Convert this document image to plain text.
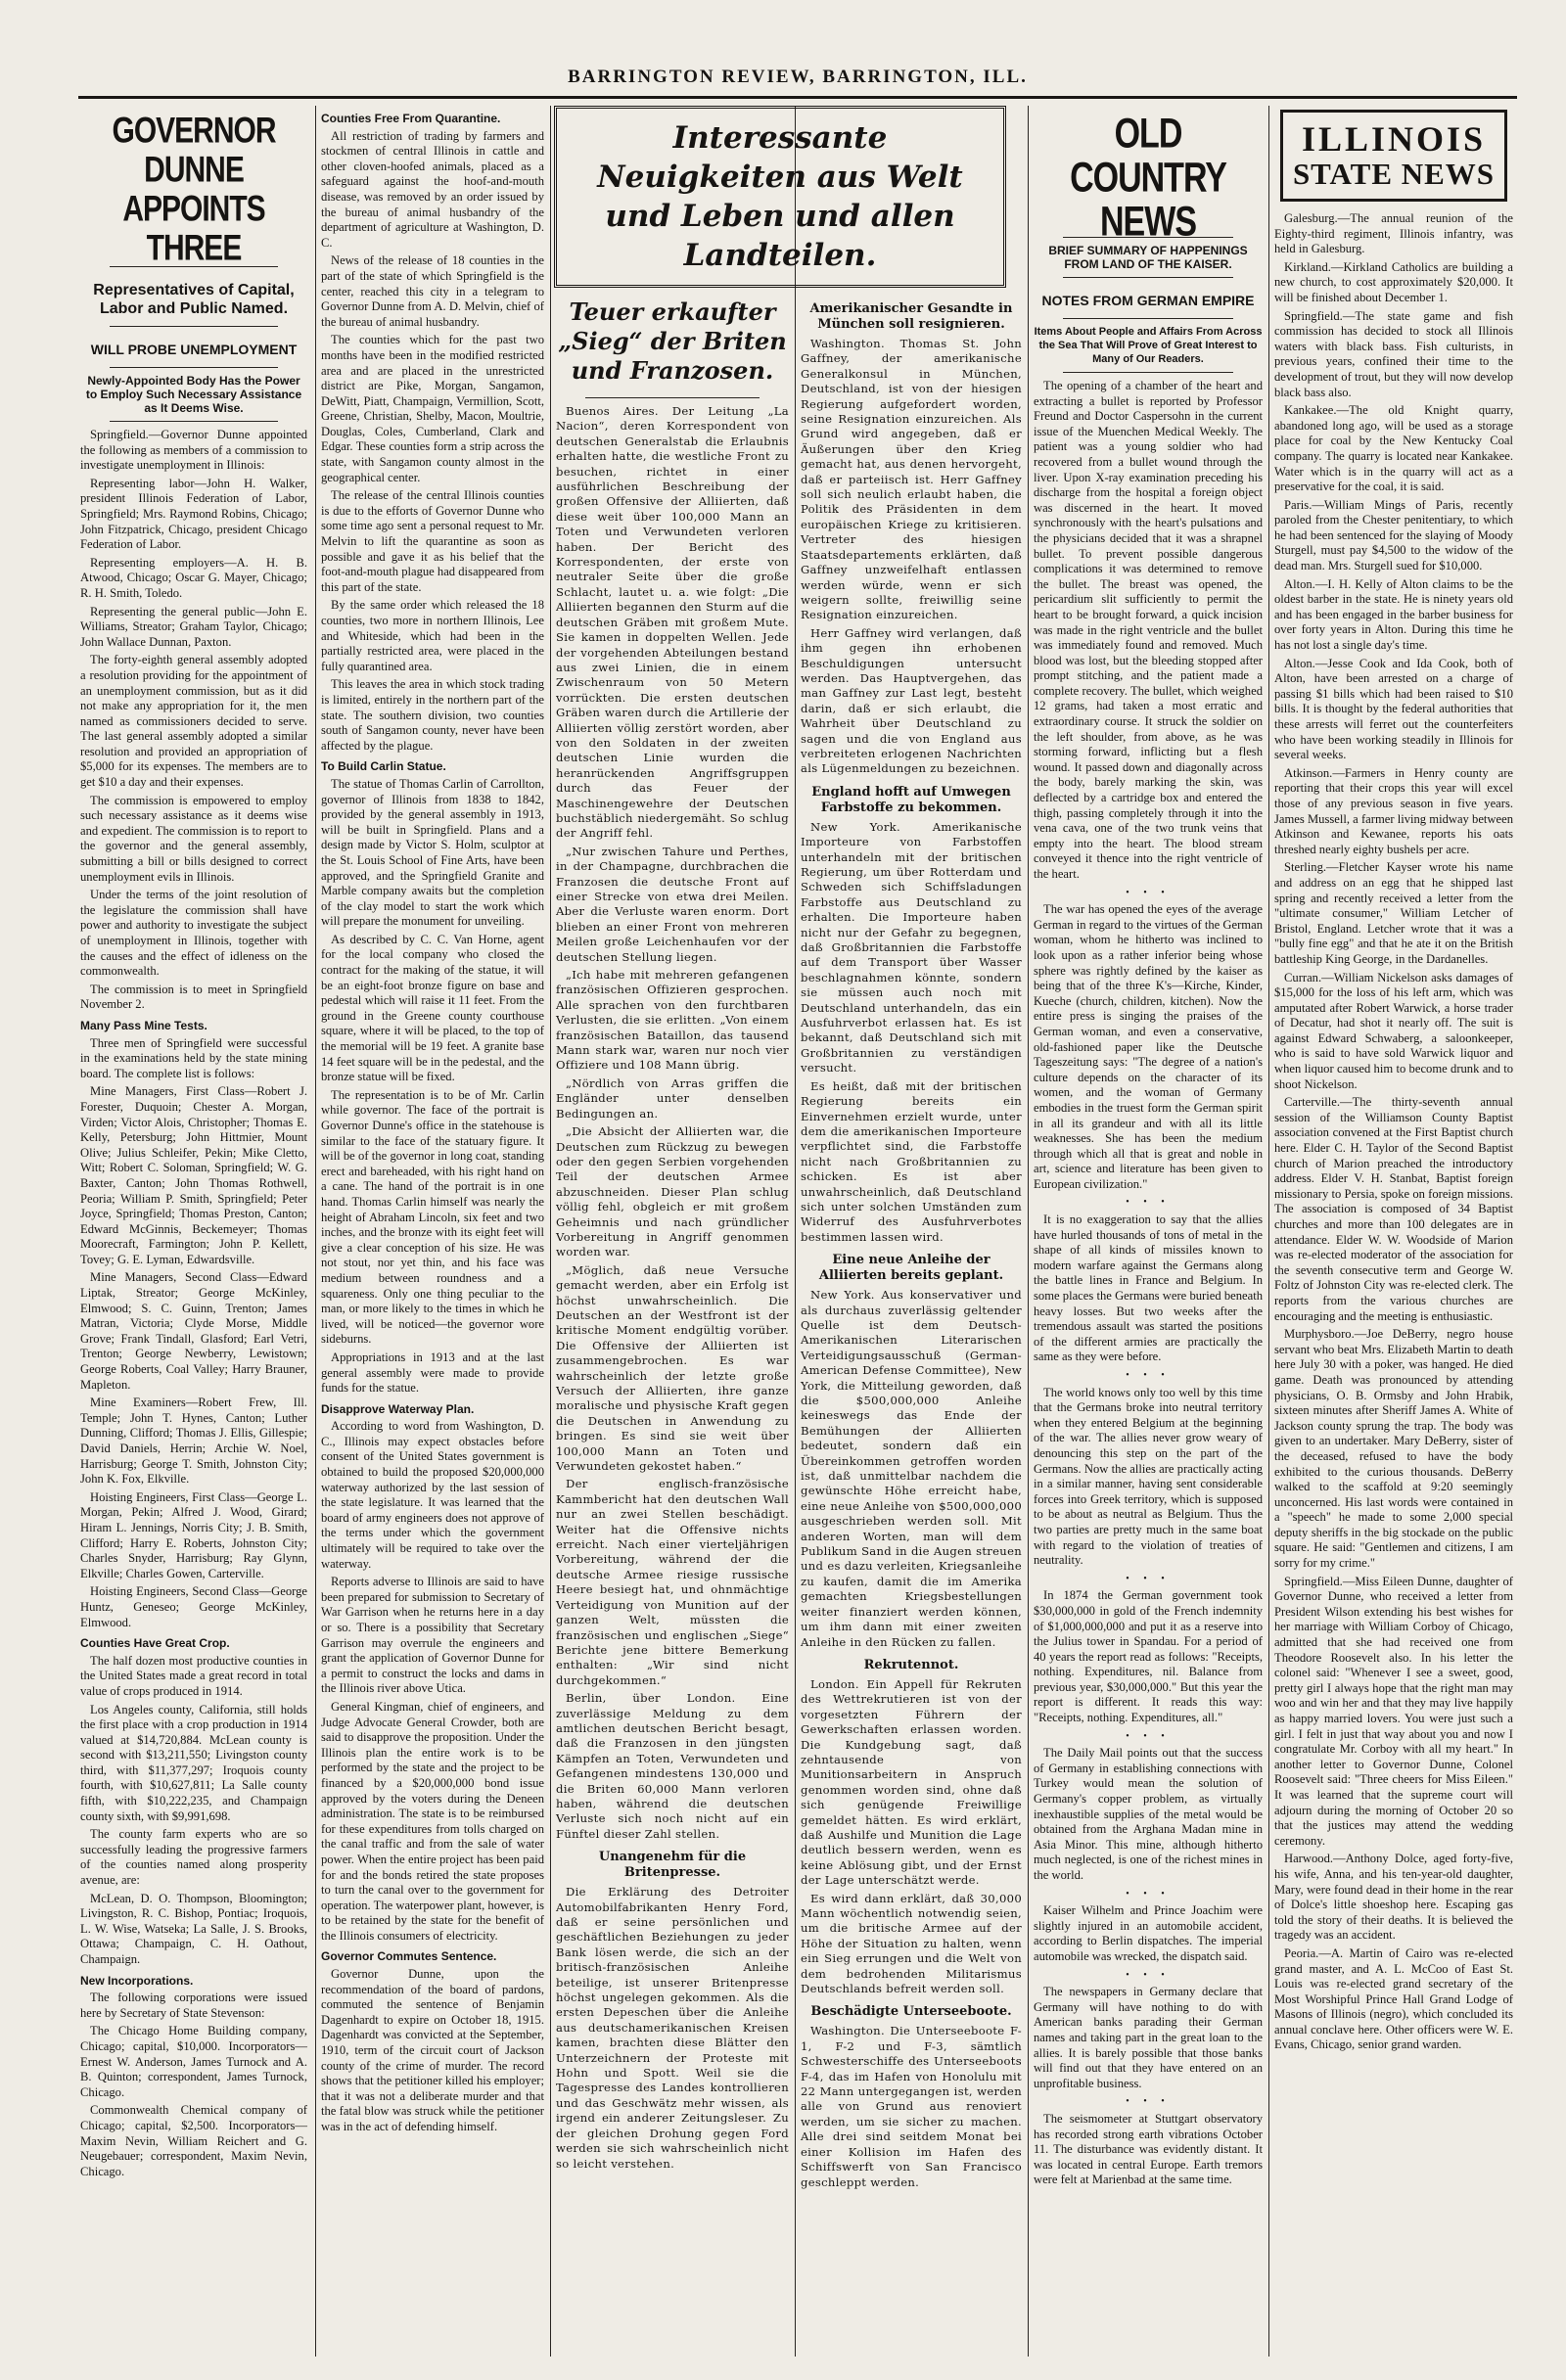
BARRINGTON REVIEW, BARRINGTON, ILL.
GOVERNOR DUNNE APPOINTS THREE
Representatives of Capital, Labor and Public Named.
WILL PROBE UNEMPLOYMENT
Newly-Appointed Body Has the Power to Employ Such Necessary Assistance as It Deems Wise.

Springfield.—Governor Dunne appointed the following as members of a commission to investigate unemployment in Illinois:

Representing labor—John H. Walker, president Illinois Federation of Labor, Springfield; Mrs. Raymond Robins, Chicago; John Fitzpatrick, Chicago, president Chicago Federation of Labor.

Representing employers—A. H. B. Atwood, Chicago; Oscar G. Mayer, Chicago; R. H. Smith, Toledo.

Representing the general public—John E. Williams, Streator; Graham Taylor, Chicago; John Wallace Dunnan, Paxton.

The forty-eighth general assembly adopted a resolution providing for the appointment of an unemployment commission, but as it did not make any appropriation for it, the men named as commissioners decided to serve. The last general assembly adopted a similar resolution and provided an appropriation of $5,000 for its expenses. The members are to get $10 a day and their expenses.

The commission is empowered to employ such necessary assistance as it deems wise and expedient. The commission is to report to the governor and the general assembly, submitting a bill or bills designed to correct unemployment evils in Illinois.

Under the terms of the joint resolution of the legislature the commission shall have power and authority to investigate the subject of unemployment in Illinois, together with the causes and the effect of idleness on the commonwealth.

The commission is to meet in Springfield November 2.

Many Pass Mine Tests.

Three men of Springfield were successful in the examinations held by the state mining board. The complete list is follows:

Mine Managers, First Class—Robert J. Forester, Duquoin; Chester A. Morgan, Virden; Victor Alois, Christopher; Thomas E. Kelly, Petersburg; John Hittmier, Mount Olive; Julius Schleifer, Pekin; Mike Cletto, Witt; Robert C. Soloman, Springfield; W. G. Baxter, Canton; John Thomas Rothwell, Peoria; William P. Smith, Springfield; Peter Joyce, Springfield; Thomas Preston, Canton; Edward McGinnis, Beckemeyer; Thomas Moorecraft, Farmington; John P. Kellett, Tovey; G. E. Lyman, Edwardsville.

Mine Managers, Second Class—Edward Liptak, Streator; George McKinley, Elmwood; S. C. Guinn, Trenton; James Matran, Victoria; Clyde Morse, Middle Grove; Frank Tindall, Glasford; Earl Vetri, Trenton; George Newberry, Lewistown; George Roberts, Coal Valley; Harry Brauner, Mapleton.

Mine Examiners—Robert Frew, Ill. Temple; John T. Hynes, Canton; Luther Dunning, Clifford; Thomas J. Ellis, Gillespie; David Daniels, Herrin; Archie W. Noel, Harrisburg; George T. Smith, Johnston City; John K. Fox, Elkville.

Hoisting Engineers, First Class—George L. Morgan, Pekin; Alfred J. Wood, Girard; Hiram L. Jennings, Norris City; J. B. Smith, Clifford; Harry E. Roberts, Johnston City; Charles Snyder, Harrisburg; Ray Glynn, Elkville; Charles Gowen, Carterville.

Hoisting Engineers, Second Class—George Huntz, Geneseo; George McKinley, Elmwood.

Counties Have Great Crop.

The half dozen most productive counties in the United States made a great record in total value of crops produced in 1914.

Los Angeles county, California, still holds the first place with a crop production in 1914 valued at $14,720,884. McLean county is second with $13,211,550; Livingston county third, with $11,377,297; Iroquois county fourth, with $10,627,811; La Salle county fifth, with $10,222,235, and Champaign county sixth, with $9,991,698.

The county farm experts who are so successfully leading the progressive farmers of the counties named along prosperity avenue, are:

McLean, D. O. Thompson, Bloomington; Livingston, R. C. Bishop, Pontiac; Iroquois, L. W. Wise, Watseka; La Salle, J. S. Brooks, Ottawa; Champaign, C. H. Oathout, Champaign.

New Incorporations.

The following corporations were issued here by Secretary of State Stevenson:

The Chicago Home Building company, Chicago; capital, $10,000. Incorporators—Ernest W. Anderson, James Turnock and A. B. Quinton; correspondent, James Turnock, Chicago.

Commonwealth Chemical company of Chicago; capital, $2,500. Incorporators—Maxim Nevin, William Reichert and G. Neugebauer; correspondent, Maxim Nevin, Chicago.

Counties Free From Quarantine.

All restriction of trading by farmers and stockmen of central Illinois in cattle and other cloven-hoofed animals, placed as a safeguard against the hoof-and-mouth disease, was removed by an order issued by the bureau of animal husbandry of the department of agriculture at Washington, D. C.

News of the release of 18 counties in the part of the state of which Springfield is the center, reached this city in a telegram to Governor Dunne from A. D. Melvin, chief of the bureau of animal husbandry.

The counties which for the past two months have been in the modified restricted area and are placed in the unrestricted district are Pike, Morgan, Sangamon, DeWitt, Piatt, Champaign, Vermillion, Scott, Greene, Christian, Shelby, Macon, Moultrie, Douglas, Coles, Cumberland, Clark and Edgar. These counties form a strip across the state, with Sangamon county almost in the geographical center.

The release of the central Illinois counties is due to the efforts of Governor Dunne who some time ago sent a personal request to Mr. Melvin to lift the quarantine as soon as possible and gave it as his belief that the foot-and-mouth plague had disappeared from this part of the state.

By the same order which released the 18 counties, two more in northern Illinois, Lee and Whiteside, which had been in the partially restricted area, were placed in the fully quarantined area.

This leaves the area in which stock trading is limited, entirely in the northern part of the state. The southern division, two counties south of Sangamon county, never have been affected by the plague.

To Build Carlin Statue.

The statue of Thomas Carlin of Carrollton, governor of Illinois from 1838 to 1842, provided by the general assembly in 1913, will be built in Springfield. Plans and a design made by Victor S. Holm, sculptor at the St. Louis School of Fine Arts, have been approved, and the Springfield Granite and Marble company awaits but the completion of the clay model to start the work which will prepare the monument for unveiling.

As described by C. C. Van Horne, agent for the local company who closed the contract for the making of the statue, it will be an eight-foot bronze figure on base and pedestal which will raise it 11 feet. From the ground in the Greene county courthouse square, where it will be placed, to the top of the memorial will be 19 feet. A granite base 14 feet square will be in the pedestal, and the bronze statue will be fixed.

The representation is to be of Mr. Carlin while governor. The face of the portrait is Governor Dunne's office in the statehouse is similar to the face of the statuary figure. It will be of the governor in long coat, standing erect and bareheaded, with his right hand on a cane. The hand of the portrait is in one hand. Thomas Carlin himself was nearly the height of Abraham Lincoln, six feet and two inches, and the bronze with its eight feet will give a clear conception of his size. He was not stout, nor yet thin, and his face was medium between roundness and a squareness. Only one thing peculiar to the man, or more likely to the times in which he lived, will be noticed—the governor wore sideburns.

Appropriations in 1913 and at the last general assembly were made to provide funds for the statue.

Disapprove Waterway Plan.

According to word from Washington, D. C., Illinois may expect obstacles before consent of the United States government is obtained to build the proposed $20,000,000 waterway authorized by the last session of the state legislature. It was learned that the board of army engineers does not approve of the terms under which the government ultimately will be required to take over the waterway.

Reports adverse to Illinois are said to have been prepared for submission to Secretary of War Garrison when he returns here in a day or so. There is a possibility that Secretary Garrison may overrule the engineers and grant the application of Governor Dunne for a permit to construct the locks and dams in the Illinois river above Utica.

General Kingman, chief of engineers, and Judge Advocate General Crowder, both are said to disapprove the proposition. Under the Illinois plan the entire work is to be performed by the state and the project to be financed by a $20,000,000 bond issue approved by the voters during the Deneen administration. The state is to be reimbursed for these expenditures from tolls charged on the canal traffic and from the sale of water power. When the entire project has been paid for and the bonds retired the state proposes to turn the canal over to the government for operation. The waterpower plant, however, is to be retained by the state for the benefit of the Illinois consumers of electricity.

Governor Commutes Sentence.

Governor Dunne, upon the recommendation of the board of pardons, commuted the sentence of Benjamin Dagenhardt to expire on October 18, 1915. Dagenhardt was convicted at the September, 1910, term of the circuit court of Jackson county of the crime of murder. The record shows that the petitioner killed his employer; that it was not a deliberate murder and that the fatal blow was struck while the petitioner was in the act of defending himself.

Interessante Neuigkeiten aus Welt und Leben und allen Landteilen.
Teuer erkaufter „Sieg“ der Briten und Franzosen.

Buenos Aires. Der Leitung „La Nacion“, deren Korrespondent von deutschen Generalstab die Erlaubnis erhalten hatte, die westliche Front zu besuchen, richtet in einer ausführlichen Beschreibung der großen Offensive der Alliierten, daß diese weit über 100,000 Mann an Toten und Verwundeten verloren haben. Der Bericht des Korrespondenten, der erste von neutraler Seite über die große Schlacht, lautet u. a. wie folgt: „Die Alliierten begannen den Sturm auf die deutschen Gräben mit großem Mute. Sie kamen in doppelten Wellen. Jede der vorgehenden Abteilungen bestand aus zwei Linien, die in einem Zwischenraum von 50 Metern vorrückten. Die ersten deutschen Gräben waren durch die Artillerie der Alliierten völlig zerstört worden, aber von den Soldaten in der zweiten deutschen Linie wurden die heranrückenden Angriffsgruppen durch das Feuer der Maschinengewehre der Deutschen buchstäblich niedergemäht. So schlug der Angriff fehl.

„Nur zwischen Tahure und Perthes, in der Champagne, durchbrachen die Franzosen die deutsche Front auf einer Strecke von etwa drei Meilen. Aber die Verluste waren enorm. Dort blieben an einer Front von mehreren Meilen große Leichenhaufen vor der deutschen Stellung liegen.

„Ich habe mit mehreren gefangenen französischen Offizieren gesprochen. Alle sprachen von den furchtbaren Verlusten, die sie erlitten. „Von einem französischen Bataillon, das tausend Mann stark war, waren nur noch vier Offiziere und 108 Mann übrig.

„Nördlich von Arras griffen die Engländer unter denselben Bedingungen an.

„Die Absicht der Alliierten war, die Deutschen zum Rückzug zu bewegen oder den gegen Serbien vorgehenden Teil der deutschen Armee abzuschneiden. Dieser Plan schlug völlig fehl, obgleich er mit großem Geheimnis und nach gründlicher Vorbereitung in Angriff genommen worden war.

„Möglich, daß neue Versuche gemacht werden, aber ein Erfolg ist höchst unwahrscheinlich. Die Deutschen an der Westfront ist der kritische Moment endgültig vorüber. Die Offensive der Alliierten ist zusammengebrochen. Es war wahrscheinlich der letzte große Versuch der Alliierten, ihre ganze moralische und physische Kraft gegen die Deutschen in Anwendung zu bringen. Es sind sie weit über 100,000 Mann an Toten und Verwundeten gekostet haben.“

Der englisch-französische Kammbericht hat den deutschen Wall nur an zwei Stellen beschädigt. Weiter hat die Offensive nichts erreicht. Nach einer vierteljährigen Vorbereitung, während der die deutsche Armee riesige russische Heere besiegt hat, und ohnmächtige Verteidigung von Munition auf der ganzen Welt, müssten die französischen und englischen „Siege“ Berichte jene bittere Bemerkung enthalten: „Wir sind nicht durchgekommen.“

Berlin, über London. Eine zuverlässige Meldung zu dem amtlichen deutschen Bericht besagt, daß die Franzosen in den jüngsten Kämpfen an Toten, Verwundeten und Gefangenen mindestens 130,000 und die Briten 60,000 Mann verloren haben, während die deutschen Verluste sich noch nicht auf ein Fünftel dieser Zahl stellen.

Unangenehm für die Britenpresse.

Die Erklärung des Detroiter Automobilfabrikanten Henry Ford, daß er seine persönlichen und geschäftlichen Beziehungen zu jeder Bank lösen werde, die sich an der britisch-französischen Anleihe beteilige, ist unserer Britenpresse höchst ungelegen gekommen. Als die ersten Depeschen über die Anleihe aus deutschamerikanischen Kreisen kamen, brachten diese Blätter den Unterzeichnern der Proteste mit Hohn und Spott. Weil sie die Tagespresse des Landes kontrollieren und das Geschwätz mehr wissen, als irgend ein anderer Zeitungsleser. Zu der gleichen Drohung gegen Ford werden sie sich wahrscheinlich nicht so leicht verstehen.

Amerikanischer Gesandte in München soll resignieren.

Washington. Thomas St. John Gaffney, der amerikanische Generalkonsul in München, Deutschland, ist von der hiesigen Regierung aufgefordert worden, seine Resignation einzureichen. Als Grund wird angegeben, daß er Äußerungen über den Krieg gemacht hat, aus denen hervorgeht, daß er parteiisch ist. Herr Gaffney soll sich neulich erlaubt haben, die Politik des Präsidenten in dem europäischen Kriege zu kritisieren. Vertreter des hiesigen Staatsdepartements erklärten, daß Gaffney unzweifelhaft entlassen werden würde, wenn er sich weigern sollte, freiwillig seine Resignation einzureichen.

Herr Gaffney wird verlangen, daß ihm gegen ihn erhobenen Beschuldigungen untersucht werden. Das Hauptvergehen, das man Gaffney zur Last legt, besteht darin, daß er sich erlaubt, die Wahrheit über Deutschland zu sagen und die von England aus verbreiteten erlogenen Nachrichten als Lügenmeldungen zu bezeichnen.

England hofft auf Umwegen Farbstoffe zu bekommen.

New York. Amerikanische Importeure von Farbstoffen unterhandeln mit der britischen Regierung, um über Rotterdam und Schweden sich Schiffsladungen Farbstoffe aus Deutschland zu erhalten. Die Importeure haben nicht nur der Gefahr zu begegnen, daß Großbritannien die Farbstoffe auf dem Transport über Wasser beschlagnahmen könnte, sondern sie müssen auch noch mit Deutschland unterhandeln, das ein Ausfuhrverbot erlassen hat. Es ist bekannt, daß Deutschland sich mit Großbritannien zu verständigen versucht.

Es heißt, daß mit der britischen Regierung bereits ein Einvernehmen erzielt wurde, unter dem die amerikanischen Importeure verpflichtet sind, die Farbstoffe nicht nach Großbritannien zu schicken. Es ist aber unwahrscheinlich, daß Deutschland sich unter solchen Umständen zum Widerruf des Ausfuhrverbotes bestimmen lassen wird.

Eine neue Anleihe der Alliierten bereits geplant.

New York. Aus konservativer und als durchaus zuverlässig geltender Quelle ist dem Deutsch-Amerikanischen Literarischen Verteidigungsausschuß (German-American Defense Committee), New York, die Mitteilung geworden, daß die $500,000,000 Anleihe keineswegs das Ende der Bemühungen der Alliierten bedeutet, sondern daß ein Übereinkommen getroffen worden ist, daß unmittelbar nachdem die gewünschte Höhe erreicht habe, eine neue Anleihe von $500,000,000 ausgeschrieben werden soll. Mit anderen Worten, man will dem Publikum Sand in die Augen streuen und es dazu verleiten, Kriegsanleihe zu kaufen, damit die im Amerika gemachten Kriegsbestellungen weiter finanziert werden können, um ihm dann mit einer zweiten Anleihe in den Rücken zu fallen.

Rekrutennot.

London. Ein Appell für Rekruten des Wettrekrutieren ist von der vorgesetzten Führern der Gewerkschaften erlassen worden. Die Kundgebung sagt, daß zehntausende von Munitionsarbeitern in Anspruch genommen worden sind, ohne daß sich genügende Freiwillige gemeldet hätten. Es wird erklärt, daß Aushilfe und Munition die Lage deutlich bessern werden, wenn es keine Ablösung gibt, und der Ernst der Lage unterschätzt werde.

Es wird dann erklärt, daß 30,000 Mann wöchentlich notwendig seien, um die britische Armee auf der Höhe der Situation zu halten, wenn ein Sieg errungen und die Welt von dem bedrohenden Militarismus Deutschlands befreit werden soll.

Beschädigte Unterseeboote.

Washington. Die Unterseeboote F-1, F-2 und F-3, sämtlich Schwesterschiffe des Unterseeboots F-4, das im Hafen von Honolulu mit 22 Mann untergegangen ist, werden alle von Grund aus renoviert werden, um sie sicher zu machen. Alle drei sind seitdem Monat bei einer Kollision im Hafen des Schiffswerft von San Francisco geschleppt werden.

OLD COUNTRY NEWS
BRIEF SUMMARY OF HAPPENINGS FROM LAND OF THE KAISER.
NOTES FROM GERMAN EMPIRE
Items About People and Affairs From Across the Sea That Will Prove of Great Interest to Many of Our Readers.

The opening of a chamber of the heart and extracting a bullet is reported by Professor Freund and Doctor Caspersohn in the current issue of the Muenchen Medical Weekly. The patient was a young soldier who had recovered from a bullet wound through the liver. Upon X-ray examination preceding his discharge from the hospital a foreign object was discerned in the heart. It moved synchronously with the heart's pulsations and the physicians decided that it was a shrapnel bullet. To prevent possible dangerous complications it was determined to remove the bullet. The breast was opened, the pericardium slit sufficiently to permit the heart to be brought forward, a quick incision was made in the right ventricle and the bullet was immediately found and removed. Much blood was lost, but the bleeding stopped after prompt stitching, and the patient made a complete recovery. The bullet, which weighed 12 grams, had taken a most erratic and extraordinary course. It struck the soldier on the left shoulder, from above, as he was storming forward, inflicting but a flesh wound. It passed down and diagonally across the body, barely marking the skin, was deflected by a cartridge box and entered the thigh, passing completely through it into the vena cava, one of the two trunk veins that empty into the heart. The blood stream conveyed it thence into the right ventricle of the heart.

• • •

The war has opened the eyes of the average German in regard to the virtues of the German woman, whom he hitherto was inclined to look upon as a rather inferior being whose sphere was rightly defined by the kaiser as being that of the three K's—Kirche, Kinder, Kueche (church, children, kitchen). Now the entire press is singing the praises of the German woman, and even a conservative, old-fashioned paper like the Deutsche Tageszeitung says: "The degree of a nation's culture depends on the character of its women, and the woman of Germany embodies in the truest form the German spirit in all its grandeur and with all its little weaknesses. She has been the medium through which all that is great and noble in art, science and literature has been given to European civilization."

• • •

It is no exaggeration to say that the allies have hurled thousands of tons of metal in the shape of all kinds of missiles known to modern warfare against the Germans along the battle lines in France and Belgium. In some places the Germans were buried beneath heavy losses. But two weeks after the tremendous assault was started the positions of the different armies are practically the same as they were before.

• • •

The world knows only too well by this time that the Germans broke into neutral territory when they entered Belgium at the beginning of the war. The allies never grow weary of denouncing this step on the part of the Germans. Now the allies are practically acting in a similar manner, having sent considerable forces into Greek territory, which is supposed to be about as neutral as Belgium. Thus the two parties are pretty much in the same boat with regard to the violation of treaties of neutrality.

• • •

In 1874 the German government took $30,000,000 in gold of the French indemnity of $1,000,000,000 and put it as a reserve into the Julius tower in Spandau. For a period of 40 years the report read as follows: "Receipts, nothing. Expenditures, nil. Balance from previous year, $30,000,000." But this year the report is different. It reads this way: "Receipts, nothing. Expenditures, all."

• • •

The Daily Mail points out that the success of Germany in establishing connections with Turkey would mean the solution of Germany's copper problem, as virtually inexhaustible supplies of the metal would be obtained from the Arghana Madan mine in Asia Minor. This mine, although hitherto much neglected, is one of the richest mines in the world.

• • •

Kaiser Wilhelm and Prince Joachim were slightly injured in an automobile accident, according to Berlin dispatches. The imperial automobile was wrecked, the dispatch said.

• • •

The newspapers in Germany declare that Germany will have nothing to do with American banks parading their German names and taking part in the great loan to the allies. It is barely possible that those banks will find out that they have entered on an unprofitable business.

• • •

The seismometer at Stuttgart observatory has recorded strong earth vibrations October 11. The disturbance was evidently distant. It was located in central Europe. Earth tremors were felt at Marienbad at the same time.

ILLINOIS
STATE NEWS

Galesburg.—The annual reunion of the Eighty-third regiment, Illinois infantry, was held in Galesburg.

Kirkland.—Kirkland Catholics are building a new church, to cost approximately $20,000. It will be finished about December 1.

Springfield.—The state game and fish commission has decided to stock all Illinois waters with black bass. Fish culturists, in previous years, confined their time to the development of trout, but they will now develop black bass also.

Kankakee.—The old Knight quarry, abandoned long ago, will be used as a storage place for coal by the New Kentucky Coal company. The quarry is located near Kankakee. Water which is in the quarry will act as a preservative for the coal, it is said.

Paris.—William Mings of Paris, recently paroled from the Chester penitentiary, to which he had been sentenced for the slaying of Moody Sturgell, must pay $4,500 to the widow of the dead man. Mrs. Sturgell sued for $10,000.

Alton.—I. H. Kelly of Alton claims to be the oldest barber in the state. He is ninety years old and has been engaged in the barber business for over forty years in Alton. During this time he has not lost a single day's time.

Alton.—Jesse Cook and Ida Cook, both of Alton, have been arrested on a charge of passing $1 bills which had been raised to $10 bills. It is thought by the federal authorities that these arrests will ferret out the counterfeiters who have been working steadily in Illinois for several weeks.

Atkinson.—Farmers in Henry county are reporting that their crops this year will excel those of any previous season in five years. James Mussell, a farmer living midway between Atkinson and Kewanee, reports his oats threshed nearly eighty bushels per acre.

Sterling.—Fletcher Kayser wrote his name and address on an egg that he shipped last spring and recently received a letter from the "ultimate consumer," William Letcher of Bristol, England. Letcher wrote that it was a "bully fine egg" and that he ate it on the British battleship King George, in the Dardanelles.

Curran.—William Nickelson asks damages of $15,000 for the loss of his left arm, which was amputated after Robert Warwick, a horse trader of Decatur, had shot it nearly off. The suit is against Edward Schwaberg, a saloonkeeper, who is said to have sold Warwick liquor and when liquor caused him to become drunk and to shoot Nickelson.

Carterville.—The thirty-seventh annual session of the Williamson County Baptist association convened at the First Baptist church here. Elder C. H. Taylor of the Second Baptist church of Marion preached the introductory address. Elder V. H. Stanbat, Baptist foreign missionary to Persia, spoke on foreign missions. The association is composed of 34 Baptist churches and more than 100 delegates are in attendance. Elder W. W. Woodside of Marion was re-elected moderator of the association for the seventh consecutive term and George W. Foltz of Johnston City was re-elected clerk. The reports from the various churches are encouraging and the meeting is enthusiastic.

Murphysboro.—Joe DeBerry, negro house servant who beat Mrs. Elizabeth Martin to death here July 30 with a poker, was hanged. He died game. Death was pronounced by attending physicians, O. B. Ormsby and John Hrabik, sixteen minutes after Sheriff James A. White of Jackson county sprung the trap. The body was given to an undertaker. Mary DeBerry, sister of the deceased, refused to have the body exhibited to the curious thousands. DeBerry walked to the scaffold at 9:20 seemingly unconcerned. His last words were contained in a "speech" he made to some 2,000 special deputy sheriffs in the big stockade on the public square. He said: "Gentlemen and citizens, I am sorry for my crime."

Springfield.—Miss Eileen Dunne, daughter of Governor Dunne, who received a letter from President Wilson extending his best wishes for her marriage with William Corboy of Chicago, admitted that she had received one from Theodore Roosevelt also. In his letter the colonel said: "Whenever I see a sweet, good, pretty girl I always hope that the right man may woo and win her and that they may live happily as happy married lovers. You were just such a girl. I felt in just that way about you and now I congratulate Mr. Corboy with all my heart." In another letter to Governor Dunne, Colonel Roosevelt said: "Three cheers for Miss Eileen." It was learned that the supreme court will adjourn during the morning of October 20 so that the justices may attend the wedding ceremony.

Harwood.—Anthony Dolce, aged forty-five, his wife, Anna, and his ten-year-old daughter, Mary, were found dead in their home in the rear of Dolce's little shoeshop here. Escaping gas told the story of their deaths. It is believed the tragedy was an accident.

Peoria.—A. Martin of Cairo was re-elected grand master, and A. L. McCoo of East St. Louis was re-elected grand secretary of the Most Worshipful Prince Hall Grand Lodge of Masons of Illinois (negro), which concluded its annual conclave here. Other officers were W. E. Evans, Chicago, senior grand warden.
